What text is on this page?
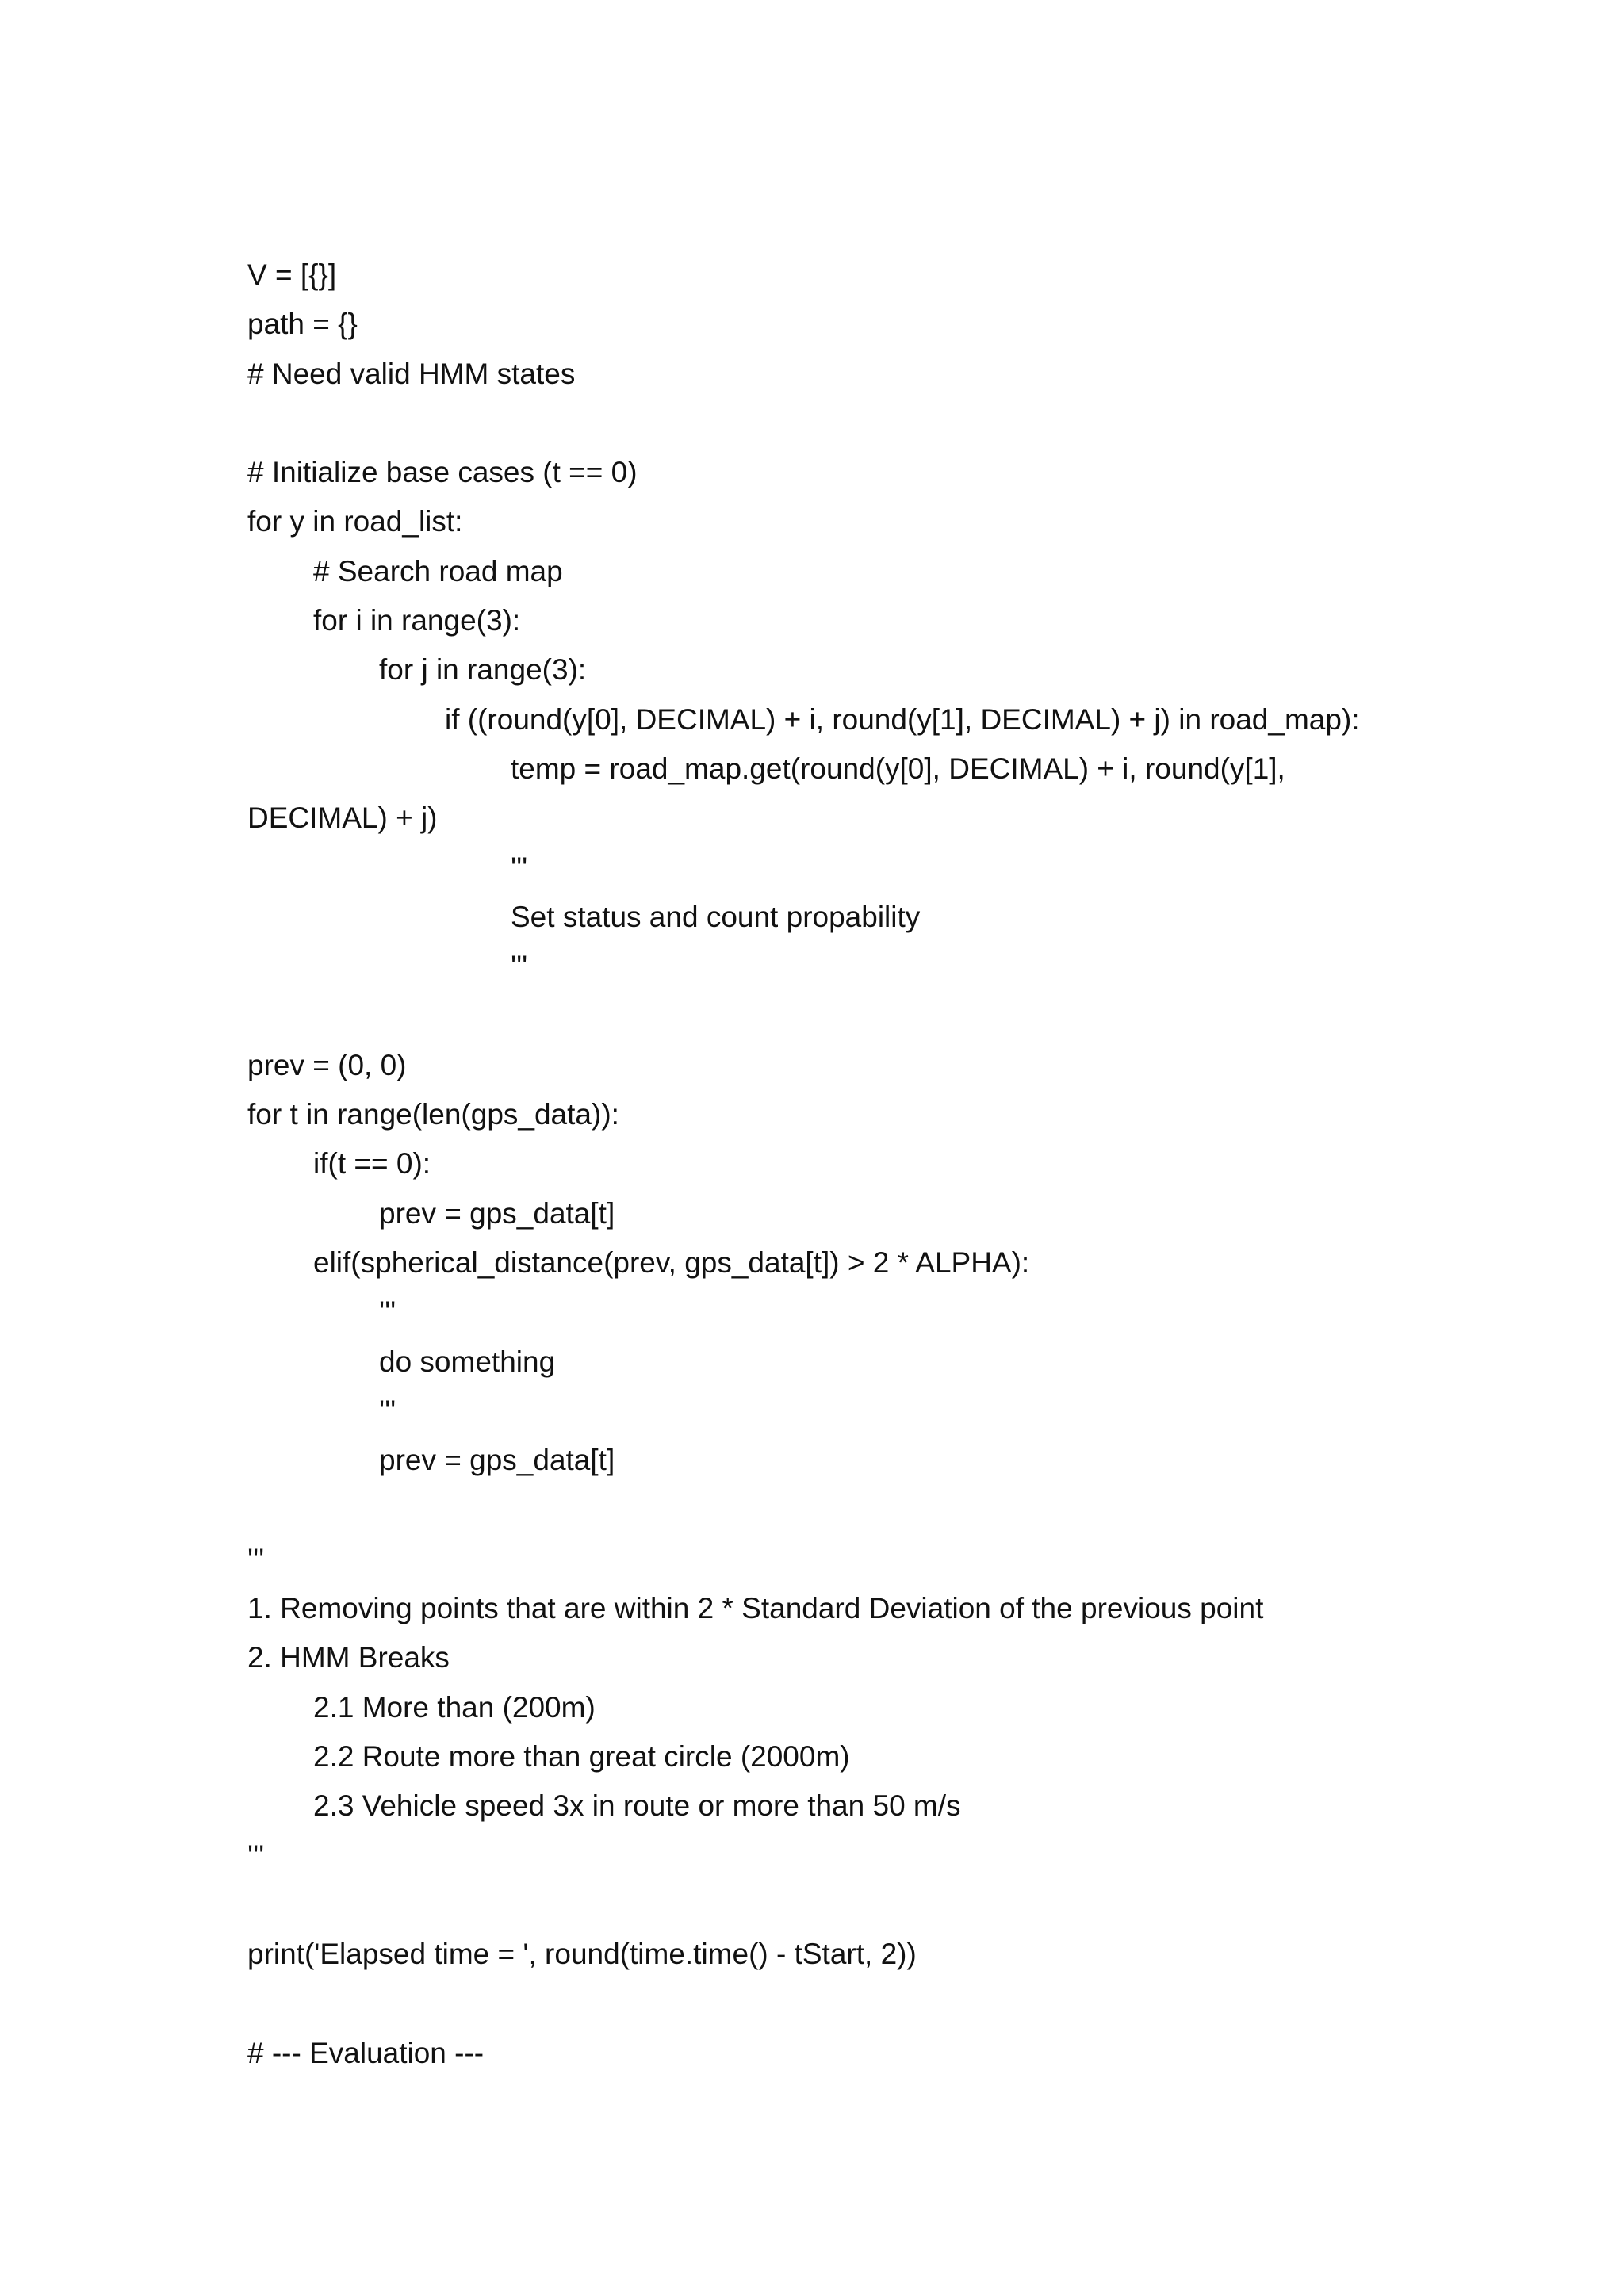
V = [{}]
path = {}
# Need valid HMM states
# Initialize base cases (t == 0)
for y in road_list:
# Search road map
for i in range(3):
for j in range(3):
if ((round(y[0], DECIMAL) + i, round(y[1], DECIMAL) + j) in road_map):
temp = road_map.get(round(y[0], DECIMAL) + i, round(y[1],
DECIMAL) + j)
'''
Set status and count propability
'''
prev = (0, 0)
for t in range(len(gps_data)):
if(t == 0):
prev = gps_data[t]
elif(spherical_distance(prev, gps_data[t]) > 2 * ALPHA):
'''
do something
'''
prev = gps_data[t]
'''
1. Removing points that are within 2 * Standard Deviation of the previous point
2. HMM Breaks
2.1 More than (200m)
2.2 Route more than great circle (2000m)
2.3 Vehicle speed 3x in route or more than 50 m/s
'''
print('Elapsed time = ', round(time.time() - tStart, 2))
# --- Evaluation ---
